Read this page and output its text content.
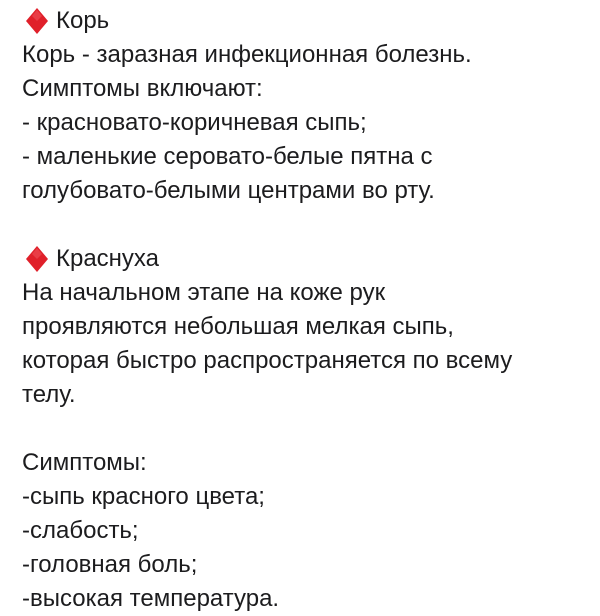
Корь
Корь - заразная инфекционная болезнь.
Симптомы включают:
- красновато-коричневая сыпь;
- маленькие серовато-белые пятна с
голубовато-белыми центрами во рту.
Краснуха
На начальном этапе на коже рук
проявляются небольшая мелкая сыпь,
которая быстро распространяется по всему
телу.
Симптомы:
-сыпь красного цвета;
-слабость;
-головная боль;
-высокая температура.
